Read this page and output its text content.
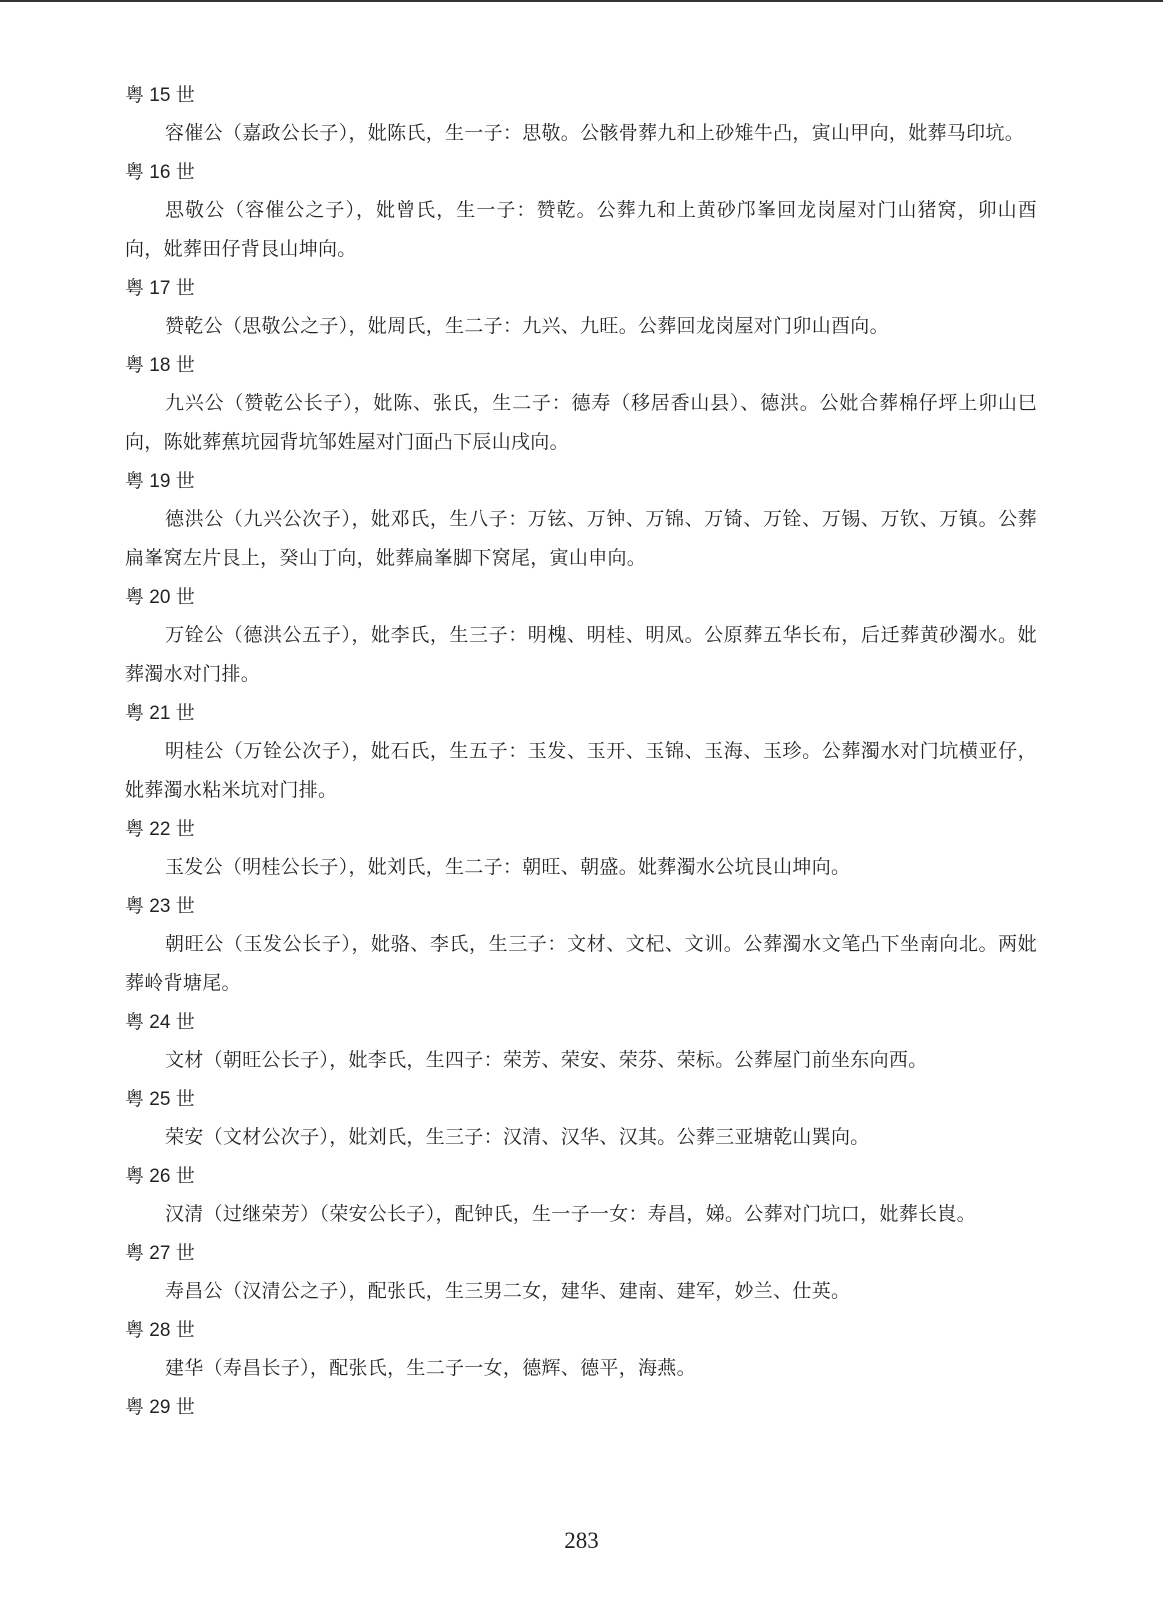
粤 15 世

容催公（嘉政公长子），妣陈氏，生一子：思敬。公骸骨葬九和上砂雉牛凸，寅山甲向，妣葬马印坑。

粤 16 世

思敬公（容催公之子），妣曾氏，生一子：赞乾。公葬九和上黄砂邝峯回龙岗屋对门山猪窝，卯山酉向，妣葬田仔背艮山坤向。

粤 17 世

赞乾公（思敬公之子），妣周氏，生二子：九兴、九旺。公葬回龙岗屋对门卯山酉向。

粤 18 世

九兴公（赞乾公长子），妣陈、张氏，生二子：德寿（移居香山县）、德洪。公妣合葬棉仔坪上卯山巳向，陈妣葬蕉坑园背坑邹姓屋对门面凸下辰山戌向。

粤 19 世

德洪公（九兴公次子），妣邓氏，生八子：万铉、万钟、万锦、万锜、万铨、万锡、万钦、万镇。公葬扁峯窝左片艮上，癸山丁向，妣葬扁峯脚下窝尾，寅山申向。

粤 20 世

万铨公（德洪公五子），妣李氏，生三子：明槐、明桂、明凤。公原葬五华长布，后迁葬黄砂濁水。妣葬濁水对门排。

粤 21 世

明桂公（万铨公次子），妣石氏，生五子：玉发、玉开、玉锦、玉海、玉珍。公葬濁水对门坑横亚仔，妣葬濁水粘米坑对门排。

粤 22 世

玉发公（明桂公长子），妣刘氏，生二子：朝旺、朝盛。妣葬濁水公坑艮山坤向。

粤 23 世

朝旺公（玉发公长子），妣骆、李氏，生三子：文材、文杞、文训。公葬濁水文笔凸下坐南向北。两妣葬岭背塘尾。

粤 24 世

文材（朝旺公长子），妣李氏，生四子：荣芳、荣安、荣芬、荣标。公葬屋门前坐东向西。

粤 25 世

荣安（文材公次子），妣刘氏，生三子：汉清、汉华、汉其。公葬三亚塘乾山巽向。

粤 26 世

汉清（过继荣芳）（荣安公长子），配钟氏，生一子一女：寿昌，娣。公葬对门坑口，妣葬长崀。

粤 27 世

寿昌公（汉清公之子），配张氏，生三男二女，建华、建南、建军，妙兰、仕英。

粤 28 世

建华（寿昌长子），配张氏，生二子一女，德辉、德平，海燕。

粤 29 世

283
